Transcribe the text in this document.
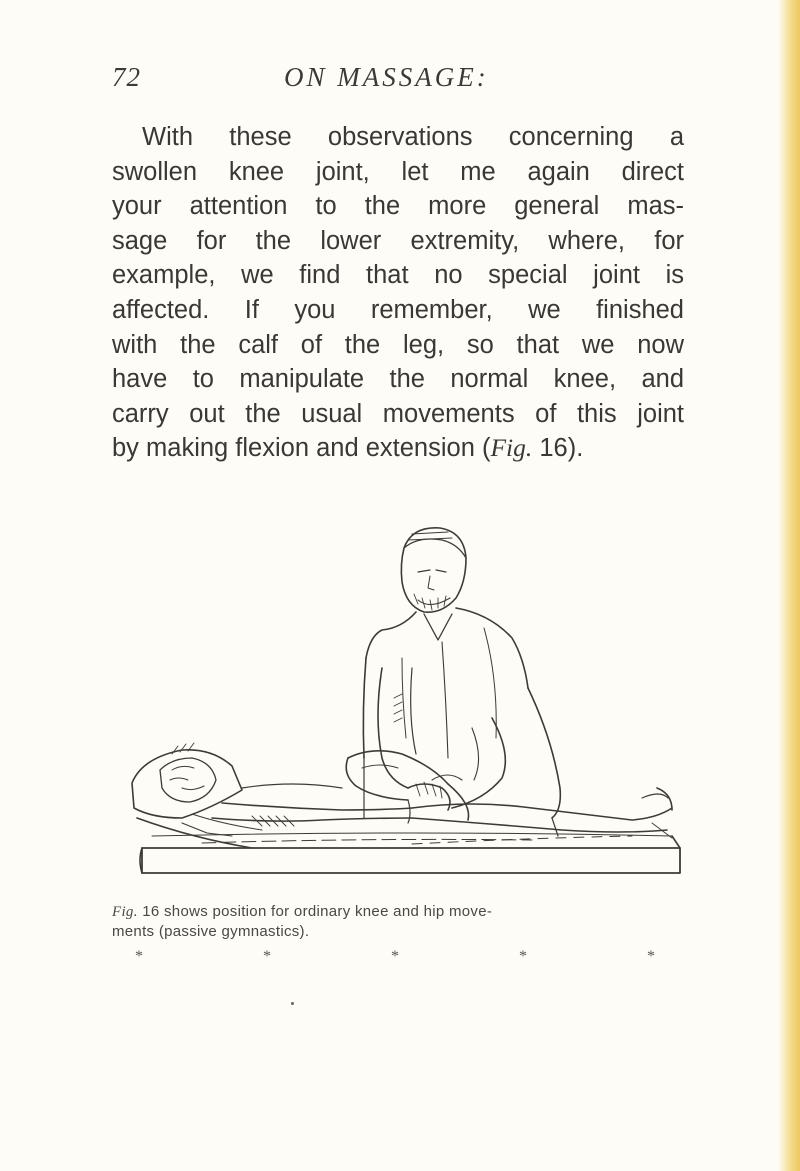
72	ON MASSAGE:
With these observations concerning a
swollen knee joint, let me again direct
your attention to the more general mas-
sage for the lower extremity, where, for
example, we find that no special joint is
affected. If you remember, we finished
with the calf of the leg, so that we now
have to manipulate the normal knee, and
carry out the usual movements of this joint
by making flexion and extension (Fig. 16).
Fig. 16 shows position for ordinary knee and hip move-
ments (passive gymnastics).
*	*	*	*	*
